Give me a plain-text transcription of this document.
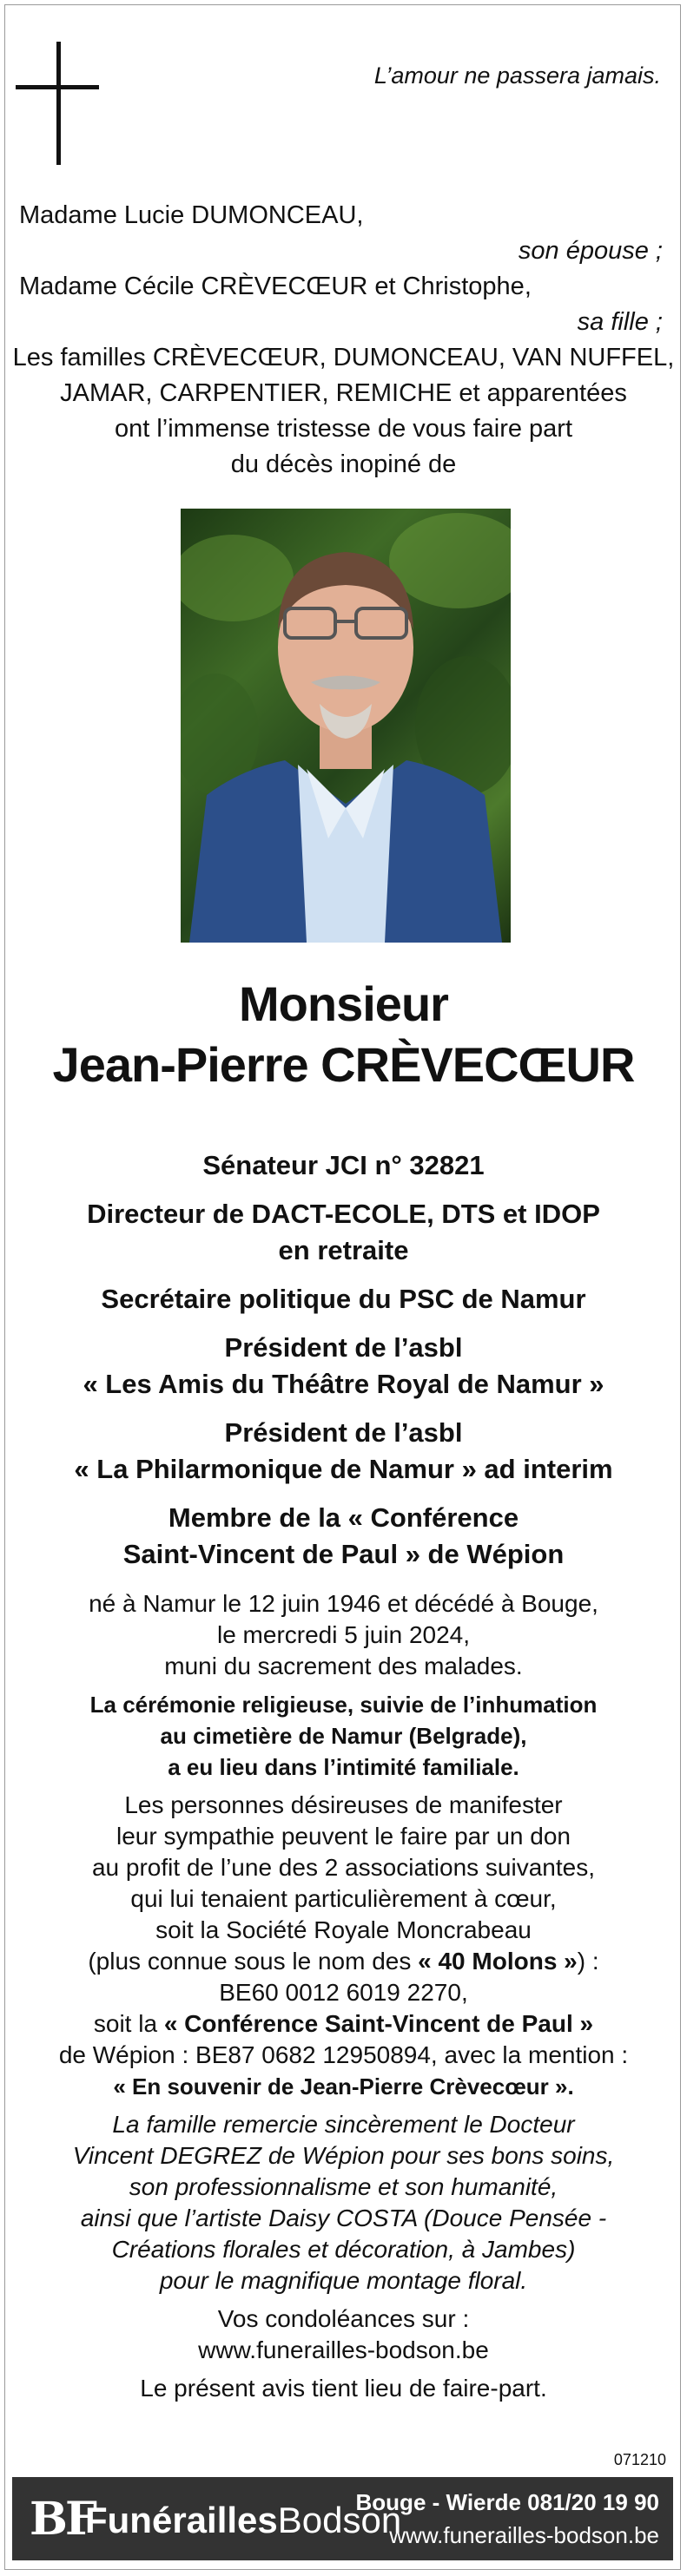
L’amour ne passera jamais.
Madame Lucie DUMONCEAU,
son épouse ;
Madame Cécile CRÈVECŒUR et Christophe,
sa fille ;
Les familles CRÈVECŒUR, DUMONCEAU, VAN NUFFEL,
JAMAR, CARPENTIER, REMICHE et apparentées
ont l’immense tristesse de vous faire part
du décès inopiné de
Monsieur
Jean-Pierre CRÈVECŒUR
Sénateur JCI n° 32821
Directeur de DACT-ECOLE, DTS et IDOP
en retraite
Secrétaire politique du PSC de Namur
Président de l’asbl
« Les Amis du Théâtre Royal de Namur »
Président de l’asbl
« La Philarmonique de Namur » ad interim
Membre de la « Conférence
Saint-Vincent de Paul » de Wépion
né à Namur le 12 juin 1946 et décédé à Bouge,
le mercredi 5 juin 2024,
muni du sacrement des malades.
La cérémonie religieuse, suivie de l’inhumation
au cimetière de Namur (Belgrade),
a eu lieu dans l’intimité familiale.
Les personnes désireuses de manifester
leur sympathie peuvent le faire par un don
au profit de l’une des 2 associations suivantes,
qui lui tenaient particulièrement à cœur,
soit la Société Royale Moncrabeau
(plus connue sous le nom des « 40 Molons ») :
BE60 0012 6019 2270,
soit la « Conférence Saint-Vincent de Paul »
de Wépion : BE87 0682 12950894, avec la mention :
« En souvenir de Jean-Pierre Crèvecœur ».
La famille remercie sincèrement le Docteur
Vincent DEGREZ de Wépion pour ses bons soins,
son professionnalisme et son humanité,
ainsi que l’artiste Daisy COSTA (Douce Pensée -
Créations florales et décoration, à Jambes)
pour le magnifique montage floral.
Vos condoléances sur :
www.funerailles-bodson.be
Le présent avis tient lieu de faire-part.
071210
BF
FunéraillesBodson
Bouge - Wierde 081/20 19 90
www.funerailles-bodson.be
